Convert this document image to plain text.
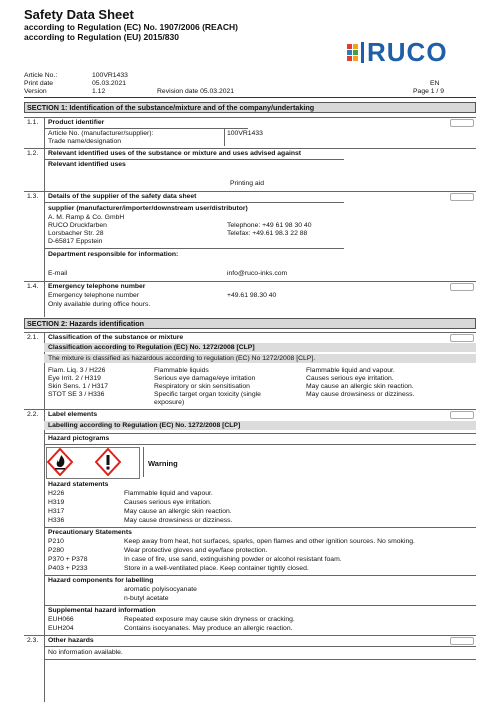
Safety Data Sheet
according to Regulation (EC) No. 1907/2006 (REACH)
according to Regulation (EU) 2015/830	RUCO
Article No.:	100VR1433
Print date	05.03.2021
Version	1.12	Revision date 05.03.2021
EN
Page 1 / 9
SECTION 1: Identification of the substance/mixture and of the company/undertaking
1.1. Product identifier
Article No. (manufacturer/supplier):	100VR1433
Trade name/designation
1.2. Relevant identified uses of the substance or mixture and uses advised against
Relevant identified uses
Printing aid
1.3. Details of the supplier of the safety data sheet
supplier (manufacturer/importer/downstream user/distributor)
A. M. Ramp & Co. GmbH
RUCO Druckfarben
Lorsbacher Str. 28
D-65817 Eppstein
Telephone: +49 61 98 30 40
Telefax: +49.61 98.3 22 88
Department responsible for information:
E-mail	info@ruco-inks.com
1.4. Emergency telephone number
Emergency telephone number	+49.61 98.30 40
Only available during office hours.
SECTION 2: Hazards identification
2.1. Classification of the substance or mixture
Classification according to Regulation (EC) No. 1272/2008 [CLP]
The mixture is classified as hazardous according to regulation (EC) No 1272/2008 [CLP].
Flam. Liq. 3 / H226	Flammable liquids	Flammable liquid and vapour.
Eye Irrit. 2 / H319	Serious eye damage/eye irritation	Causes serious eye irritation.
Skin Sens. 1 / H317	Respiratory or skin sensitisation	May cause an allergic skin reaction.
STOT SE 3 / H336	Specific target organ toxicity (single	May cause drowsiness or dizziness.
exposure)
2.2. Label elements
Labelling according to Regulation (EC) No. 1272/2008 [CLP]
Hazard pictograms
Warning
Hazard statements
H226	Flammable liquid and vapour.
H319	Causes serious eye irritation.
H317	May cause an allergic skin reaction.
H336	May cause drowsiness or dizziness.
Precautionary Statements
P210	Keep away from heat, hot surfaces, sparks, open flames and other ignition sources. No smoking.
P280	Wear protective gloves and eye/face protection.
P370 + P378	In case of fire, use sand, extinguishing powder or alcohol resistant foam.
P403 + P233	Store in a well-ventilated place. Keep container tightly closed.
Hazard components for labelling
aromatic polyisocyanate
n-butyl acetate
Supplemental hazard information
EUH066	Repeated exposure may cause skin dryness or cracking.
EUH204	Contains isocyanates. May produce an allergic reaction.
2.3. Other hazards
No information available.
